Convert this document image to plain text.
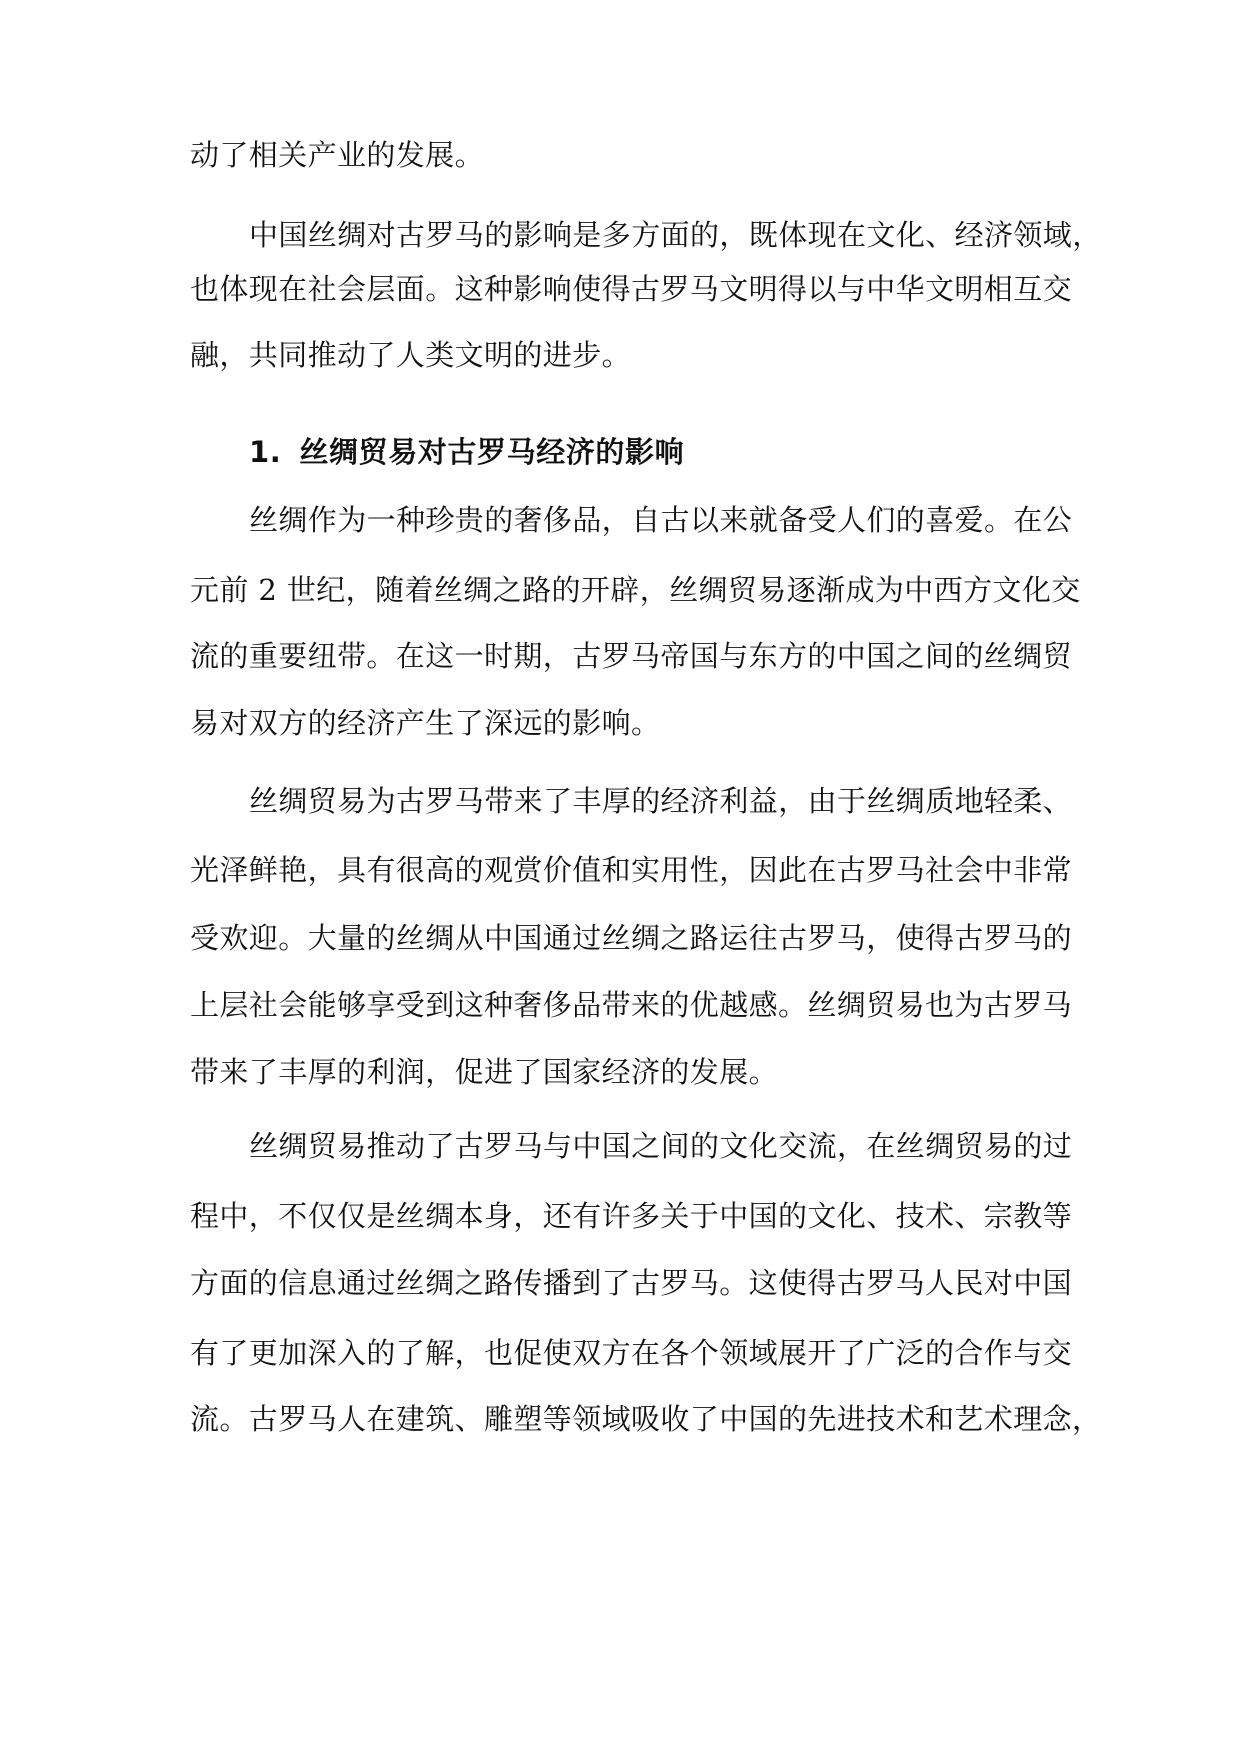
动了相关产业的发展。
中国丝绸对古罗马的影响是多方面的，既体现在文化、经济领域，
也体现在社会层面。这种影响使得古罗马文明得以与中华文明相互交
融，共同推动了人类文明的进步。
1. 丝绸贸易对古罗马经济的影响
丝绸作为一种珍贵的奢侈品，自古以来就备受人们的喜爱。在公
元前 2 世纪，随着丝绸之路的开辟，丝绸贸易逐渐成为中西方文化交
流的重要纽带。在这一时期，古罗马帝国与东方的中国之间的丝绸贸
易对双方的经济产生了深远的影响。
丝绸贸易为古罗马带来了丰厚的经济利益，由于丝绸质地轻柔、
光泽鲜艳，具有很高的观赏价值和实用性，因此在古罗马社会中非常
受欢迎。大量的丝绸从中国通过丝绸之路运往古罗马，使得古罗马的
上层社会能够享受到这种奢侈品带来的优越感。丝绸贸易也为古罗马
带来了丰厚的利润，促进了国家经济的发展。
丝绸贸易推动了古罗马与中国之间的文化交流，在丝绸贸易的过
程中，不仅仅是丝绸本身，还有许多关于中国的文化、技术、宗教等
方面的信息通过丝绸之路传播到了古罗马。这使得古罗马人民对中国
有了更加深入的了解，也促使双方在各个领域展开了广泛的合作与交
流。古罗马人在建筑、雕塑等领域吸收了中国的先进技术和艺术理念，
